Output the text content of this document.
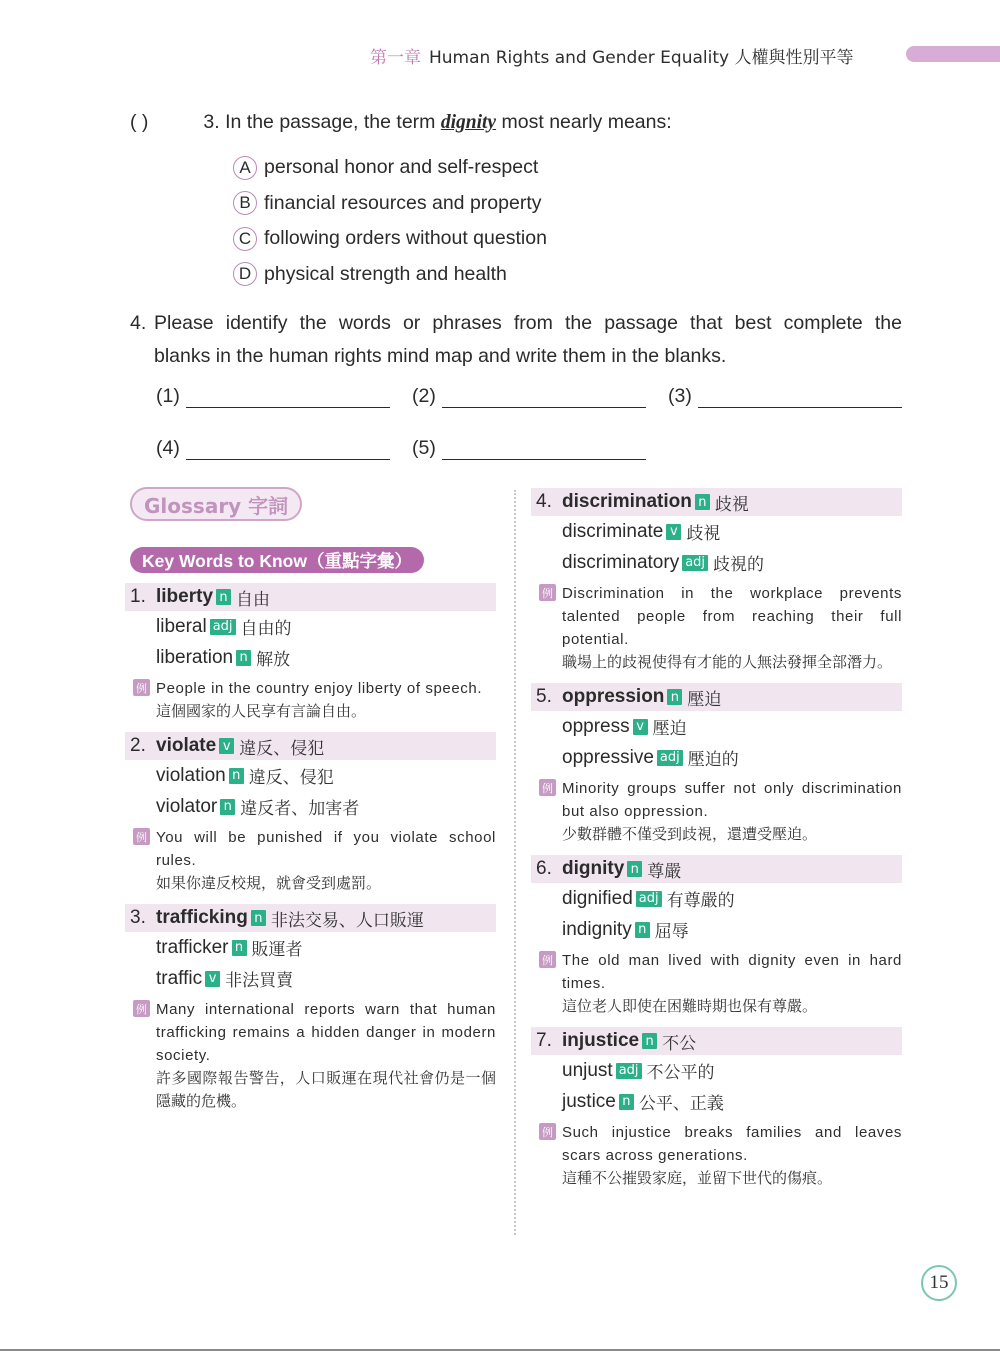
第一章 Human Rights and Gender Equality 人權與性別平等
( )	3. In the passage, the term dignity most nearly means:
A personal honor and self-respect
B financial resources and property
C following orders without question
D physical strength and health
4. Please identify the words or phrases from the passage that best complete the
blanks in the human rights mind map and write them in the blanks.
(1)	(2)	(3)
(4)	(5)
Glossary 字詞
Key Words to Know（重點字彙）
1. liberty n 自由
liberal adj 自由的
liberation n 解放
例 People in the country enjoy liberty of speech.
這個國家的人民享有言論自由。
2. violate v 違反、侵犯
violation n 違反、侵犯
violator n 違反者、加害者
例 You will be punished if you violate school rules.
如果你違反校規，就會受到處罰。
3. trafficking n 非法交易、人口販運
trafficker n 販運者
traffic v 非法買賣
例 Many international reports warn that human trafficking remains a hidden danger in modern society.
許多國際報告警告，人口販運在現代社會仍是一個隱藏的危機。
4. discrimination n 歧視
discriminate v 歧視
discriminatory adj 歧視的
例 Discrimination in the workplace prevents talented people from reaching their full potential.
職場上的歧視使得有才能的人無法發揮全部潛力。
5. oppression n 壓迫
oppress v 壓迫
oppressive adj 壓迫的
例 Minority groups suffer not only discrimination but also oppression.
少數群體不僅受到歧視，還遭受壓迫。
6. dignity n 尊嚴
dignified adj 有尊嚴的
indignity n 屈辱
例 The old man lived with dignity even in hard times.
這位老人即使在困難時期也保有尊嚴。
7. injustice n 不公
unjust adj 不公平的
justice n 公平、正義
例 Such injustice breaks families and leaves scars across generations.
這種不公摧毀家庭，並留下世代的傷痕。
15
